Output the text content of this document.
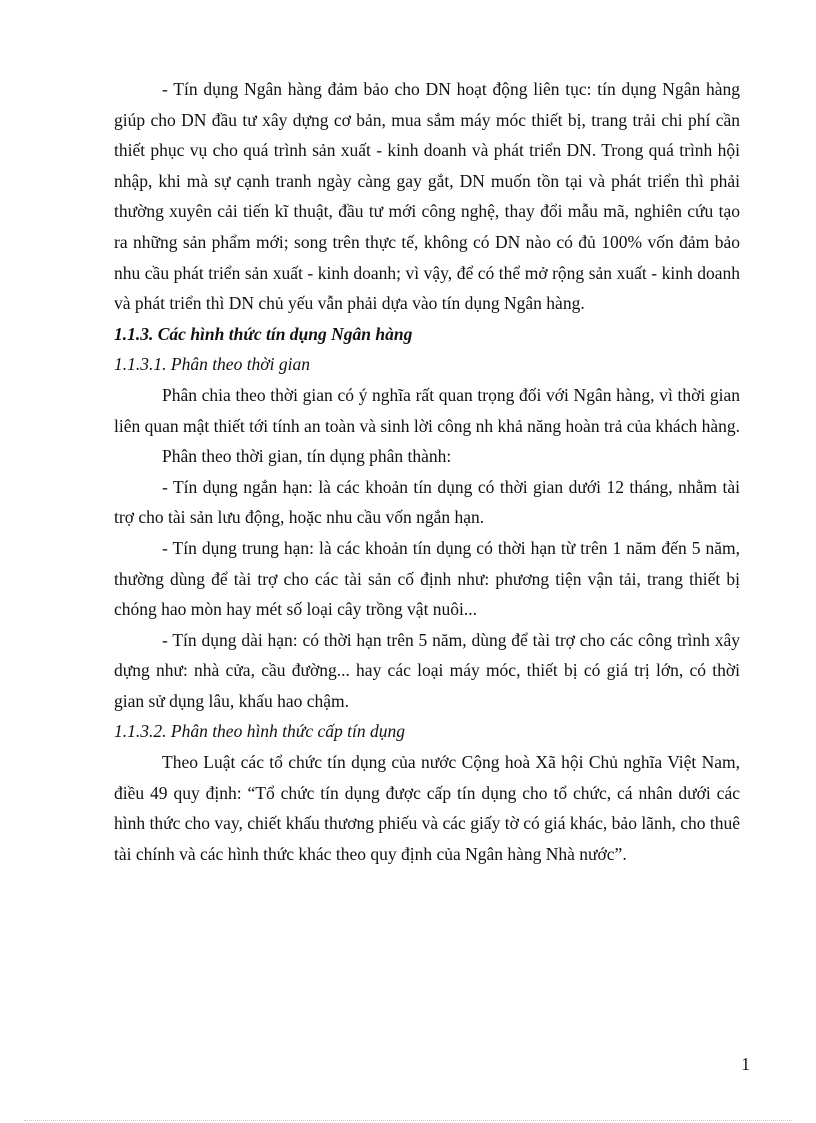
- Tín dụng Ngân hàng đảm bảo cho DN hoạt động liên tục: tín dụng Ngân hàng giúp cho DN đầu tư xây dựng cơ bản, mua sắm máy móc thiết bị, trang trải chi phí cần thiết phục vụ cho quá trình sản xuất - kinh doanh và phát triển DN. Trong quá trình hội nhập, khi mà sự cạnh tranh ngày càng gay gắt, DN muốn tồn tại và phát triển thì phải thường xuyên cải tiến kĩ thuật, đầu tư mới công nghệ, thay đổi mẫu mã, nghiên cứu tạo ra những sản phẩm mới; song trên thực tế, không có DN nào có đủ 100% vốn đảm bảo nhu cầu phát triển sản xuất - kinh doanh; vì vậy, để có thể mở rộng sản xuất - kinh doanh và phát triển thì DN chủ yếu vẫn phải dựa vào tín dụng Ngân hàng.

1.1.3. Các hình thức tín dụng Ngân hàng

1.1.3.1. Phân theo thời gian

Phân chia theo thời gian có ý nghĩa rất quan trọng đối với Ngân hàng, vì thời gian liên quan mật thiết tới tính an toàn và sinh lời công nh khả năng hoàn trả của khách hàng.

Phân theo thời gian, tín dụng phân thành:

- Tín dụng ngắn hạn: là các khoản tín dụng có thời gian dưới 12 tháng, nhằm tài trợ cho tài sản lưu động, hoặc nhu cầu vốn ngắn hạn.

- Tín dụng trung hạn: là các khoản tín dụng có thời hạn từ trên 1 năm đến 5 năm, thường dùng để tài trợ cho các tài sản cố định như: phương tiện vận tải, trang thiết bị chóng hao mòn hay mét số loại cây trồng vật nuôi...

- Tín dụng dài hạn: có thời hạn trên 5 năm, dùng để tài trợ cho các công trình xây dựng như: nhà cửa, cầu đường... hay các loại máy móc, thiết bị có giá trị lớn, có thời gian sử dụng lâu, khấu hao chậm.

1.1.3.2. Phân theo hình thức cấp tín dụng

Theo Luật các tổ chức tín dụng của nước Cộng hoà Xã hội Chủ nghĩa Việt Nam, điều 49 quy định: “Tổ chức tín dụng được cấp tín dụng cho tổ chức, cá nhân dưới các hình thức cho vay, chiết khấu thương phiếu và các giấy tờ có giá khác, bảo lãnh, cho thuê tài chính và các hình thức khác theo quy định của Ngân hàng Nhà nước”.

1
